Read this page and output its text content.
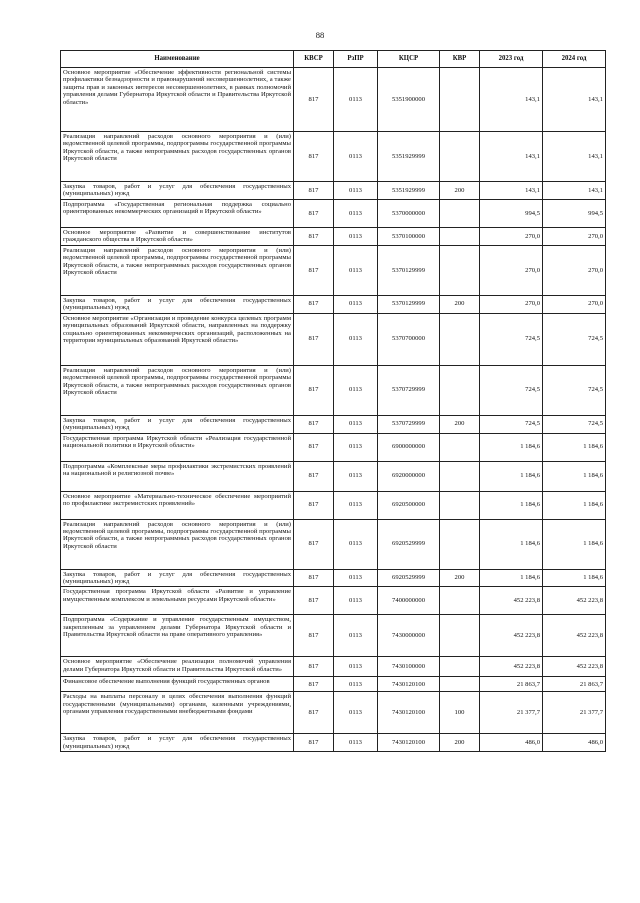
88
Наименование	КВСР	РзПР	КЦСР	КВР	2023 год	2024 год
Основное мероприятие «Обеспечение эффективности региональной системы профилактики безнадзорности и правонарушений несовершеннолетних, а также защиты прав и законных интересов несовершеннолетних, в рамках полномочий управления делами Губернатора Иркутской области и Правительства Иркутской области»	817	0113	5351900000		143,1	143,1
Реализация направлений расходов основного мероприятия и (или) ведомственной целевой программы, подпрограммы государственной программы Иркутской области, а также непрограммных расходов государственных органов Иркутской области	817	0113	5351929999		143,1	143,1
Закупка товаров, работ и услуг для обеспечения государственных (муниципальных) нужд	817	0113	5351929999	200	143,1	143,1
Подпрограмма «Государственная региональная поддержка социально ориентированных некоммерческих организаций в Иркутской области»	817	0113	5370000000		994,5	994,5
Основное мероприятие «Развитие и совершенствование институтов гражданского общества в Иркутской области»	817	0113	5370100000		270,0	270,0
Реализация направлений расходов основного мероприятия и (или) ведомственной целевой программы, подпрограммы государственной программы Иркутской области, а также непрограммных расходов государственных органов Иркутской области	817	0113	5370129999		270,0	270,0
Закупка товаров, работ и услуг для обеспечения государственных (муниципальных) нужд	817	0113	5370129999	200	270,0	270,0
Основное мероприятие «Организация и проведение конкурса целевых программ муниципальных образований Иркутской области, направленных на поддержку социально ориентированных некоммерческих организаций, расположенных на территории муниципальных образований Иркутской области»	817	0113	5370700000		724,5	724,5
Реализация направлений расходов основного мероприятия и (или) ведомственной целевой программы, подпрограммы государственной программы Иркутской области, а также непрограммных расходов государственных органов Иркутской области	817	0113	5370729999		724,5	724,5
Закупка товаров, работ и услуг для обеспечения государственных (муниципальных) нужд	817	0113	5370729999	200	724,5	724,5
Государственная программа Иркутской области «Реализация государственной национальной политики в Иркутской области»	817	0113	6900000000		1 184,6	1 184,6
Подпрограмма «Комплексные меры профилактики экстремистских проявлений на национальной и религиозной почве»	817	0113	6920000000		1 184,6	1 184,6
Основное мероприятие «Материально-техническое обеспечение мероприятий по профилактике экстремистских проявлений»	817	0113	6920500000		1 184,6	1 184,6
Реализация направлений расходов основного мероприятия и (или) ведомственной целевой программы, подпрограммы государственной программы Иркутской области, а также непрограммных расходов государственных органов Иркутской области	817	0113	6920529999		1 184,6	1 184,6
Закупка товаров, работ и услуг для обеспечения государственных (муниципальных) нужд	817	0113	6920529999	200	1 184,6	1 184,6
Государственная программа Иркутской области «Развитие и управление имущественным комплексом и земельными ресурсами Иркутской области»	817	0113	7400000000		452 223,8	452 223,8
Подпрограмма «Содержание и управление государственным имуществом, закрепленным за управлением делами Губернатора Иркутской области и Правительства Иркутской области на праве оперативного управления»	817	0113	7430000000		452 223,8	452 223,8
Основное мероприятие «Обеспечение реализации полномочий управления делами Губернатора Иркутской области и Правительства Иркутской области»	817	0113	7430100000		452 223,8	452 223,8
Финансовое обеспечение выполнения функций государственных органов	817	0113	7430120100		21 863,7	21 863,7
Расходы на выплаты персоналу в целях обеспечения выполнения функций государственными (муниципальными) органами, казенными учреждениями, органами управления государственными внебюджетными фондами	817	0113	7430120100	100	21 377,7	21 377,7
Закупка товаров, работ и услуг для обеспечения государственных (муниципальных) нужд	817	0113	7430120100	200	486,0	486,0
